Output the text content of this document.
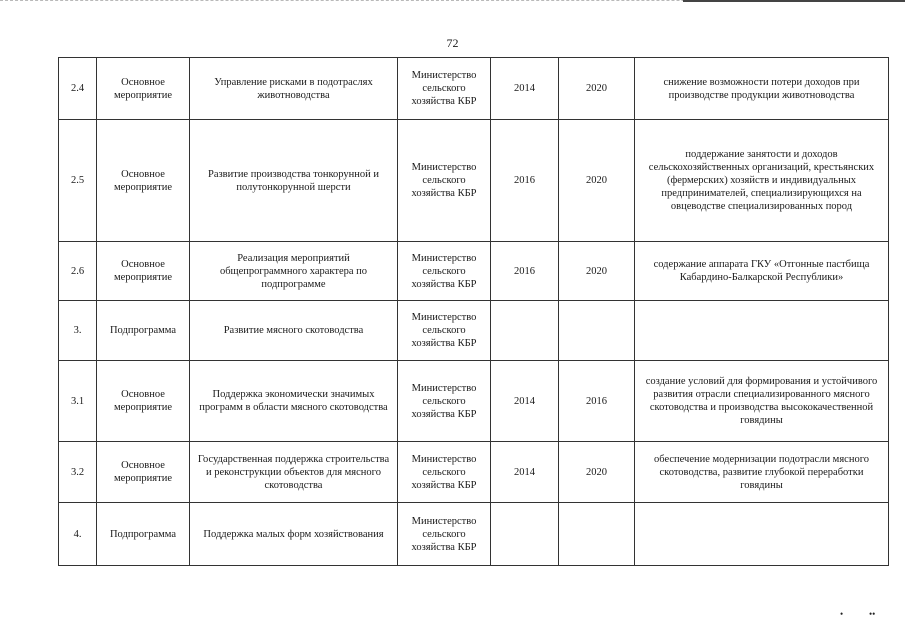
72
2.4	Основное мероприятие	Управление рисками в подотраслях животноводства	Министерство сельского хозяйства КБР	2014	2020	снижение возможности потери доходов при производстве продукции животноводства
2.5	Основное мероприятие	Развитие производства тонкорунной и полутонкорунной шерсти	Министерство сельского хозяйства КБР	2016	2020	поддержание занятости и доходов сельскохозяйственных организаций, крестьянских (фермерских) хозяйств и индивидуальных предпринимателей, специализирующихся на овцеводстве специализированных пород
2.6	Основное мероприятие	Реализация мероприятий общепрограммного характера по подпрограмме	Министерство сельского хозяйства КБР	2016	2020	содержание аппарата ГКУ «Отгонные пастбища Кабардино-Балкарской Республики»
3.	Подпрограмма	Развитие мясного скотоводства	Министерство сельского хозяйства КБР			
3.1	Основное мероприятие	Поддержка экономически значимых программ в области мясного скотоводства	Министерство сельского хозяйства КБР	2014	2016	создание условий для формирования и устойчивого развития отрасли специализированного мясного скотоводства и производства высококачественной говядины
3.2	Основное мероприятие	Государственная поддержка строительства и реконструкции объектов для мясного скотоводства	Министерство сельского хозяйства КБР	2014	2020	обеспечение модернизации подотрасли мясного скотоводства, развитие глубокой переработки говядины
4.	Подпрограмма	Поддержка малых форм хозяйствования	Министерство сельского хозяйства КБР			
•	••
